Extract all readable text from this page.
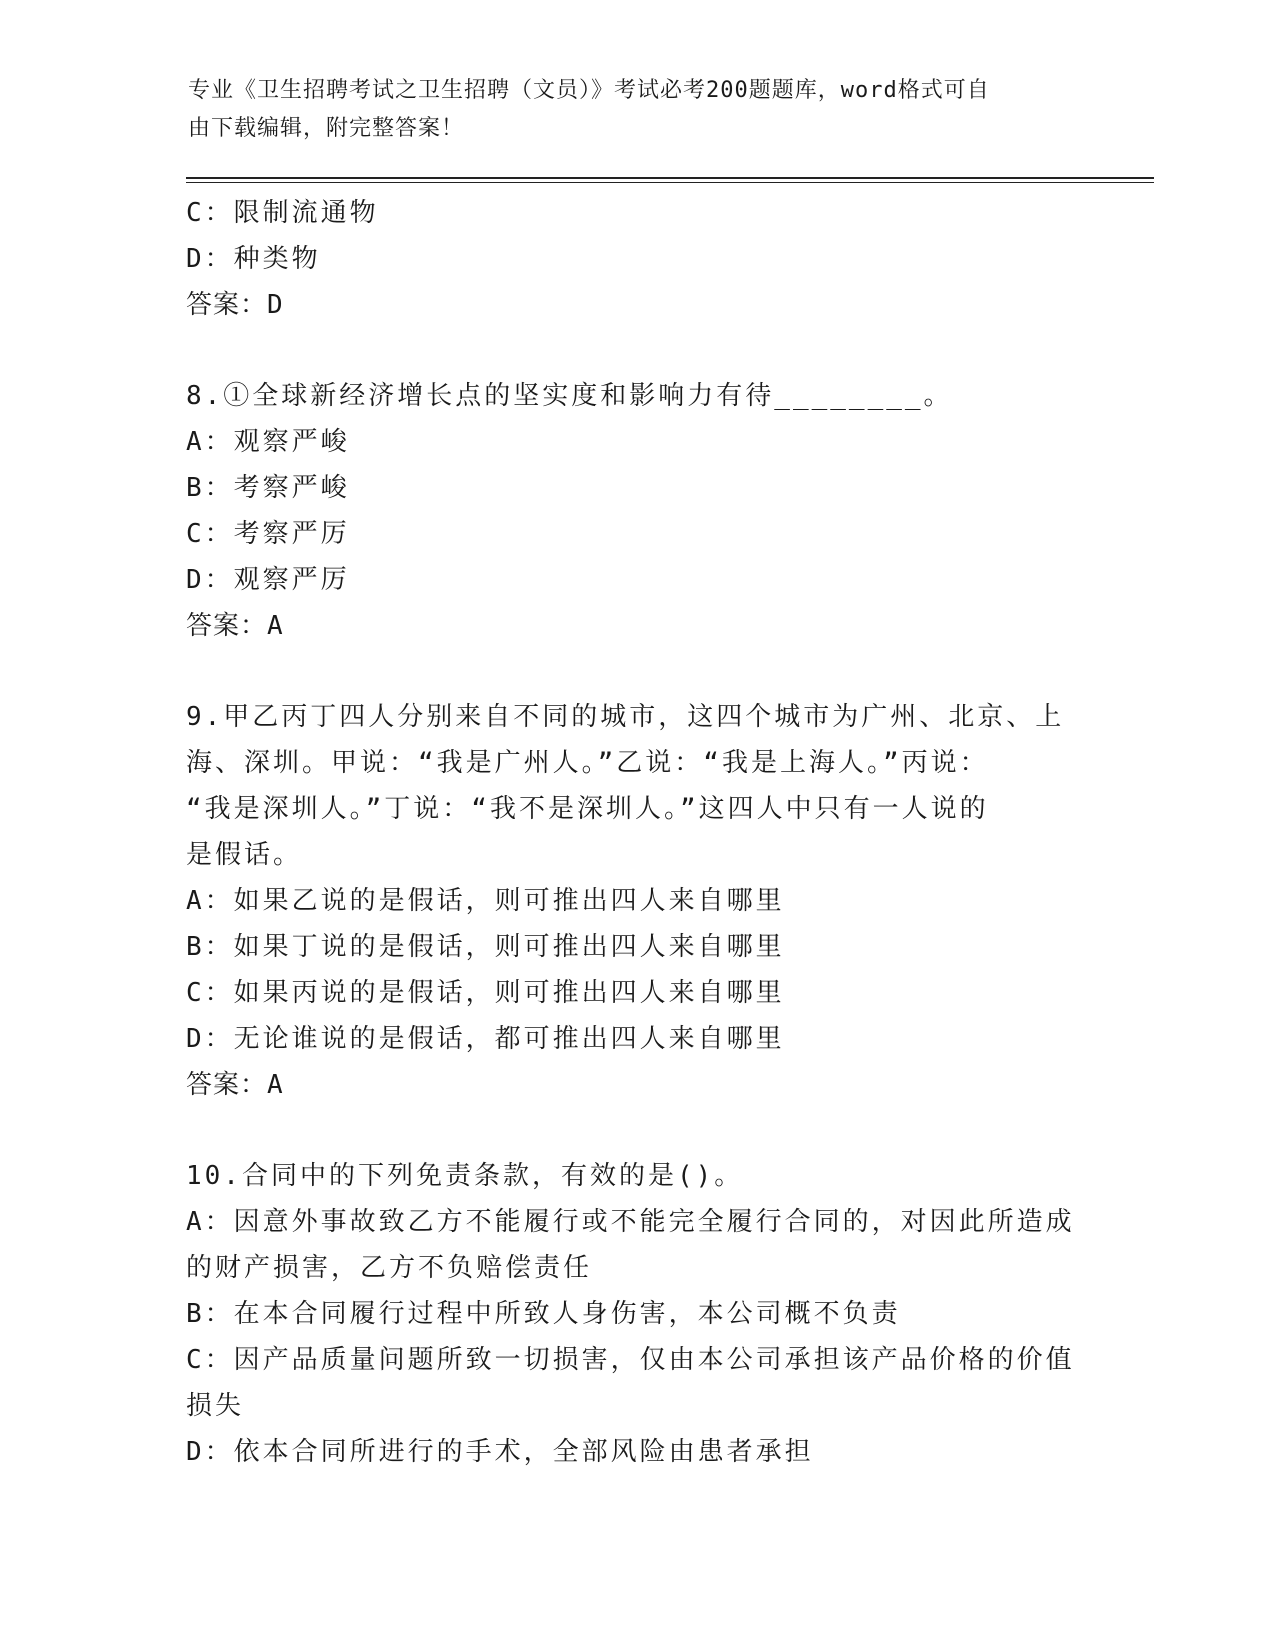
专业《卫生招聘考试之卫生招聘（文员）》考试必考200题题库，word格式可自
由下载编辑，附完整答案！
C：限制流通物
D：种类物
答案：D
8.①全球新经济增长点的坚实度和影响力有待________。
A：观察严峻
B：考察严峻
C：考察严厉
D：观察严厉
答案：A
9.甲乙丙丁四人分别来自不同的城市，这四个城市为广州、北京、上
海、深圳。甲说：“我是广州人。”乙说：“我是上海人。”丙说：
“我是深圳人。”丁说：“我不是深圳人。”这四人中只有一人说的
是假话。
A：如果乙说的是假话，则可推出四人来自哪里
B：如果丁说的是假话，则可推出四人来自哪里
C：如果丙说的是假话，则可推出四人来自哪里
D：无论谁说的是假话，都可推出四人来自哪里
答案：A
10.合同中的下列免责条款，有效的是()。
A：因意外事故致乙方不能履行或不能完全履行合同的，对因此所造成
的财产损害，乙方不负赔偿责任
B：在本合同履行过程中所致人身伤害，本公司概不负责
C：因产品质量问题所致一切损害，仅由本公司承担该产品价格的价值
损失
D：依本合同所进行的手术，全部风险由患者承担
